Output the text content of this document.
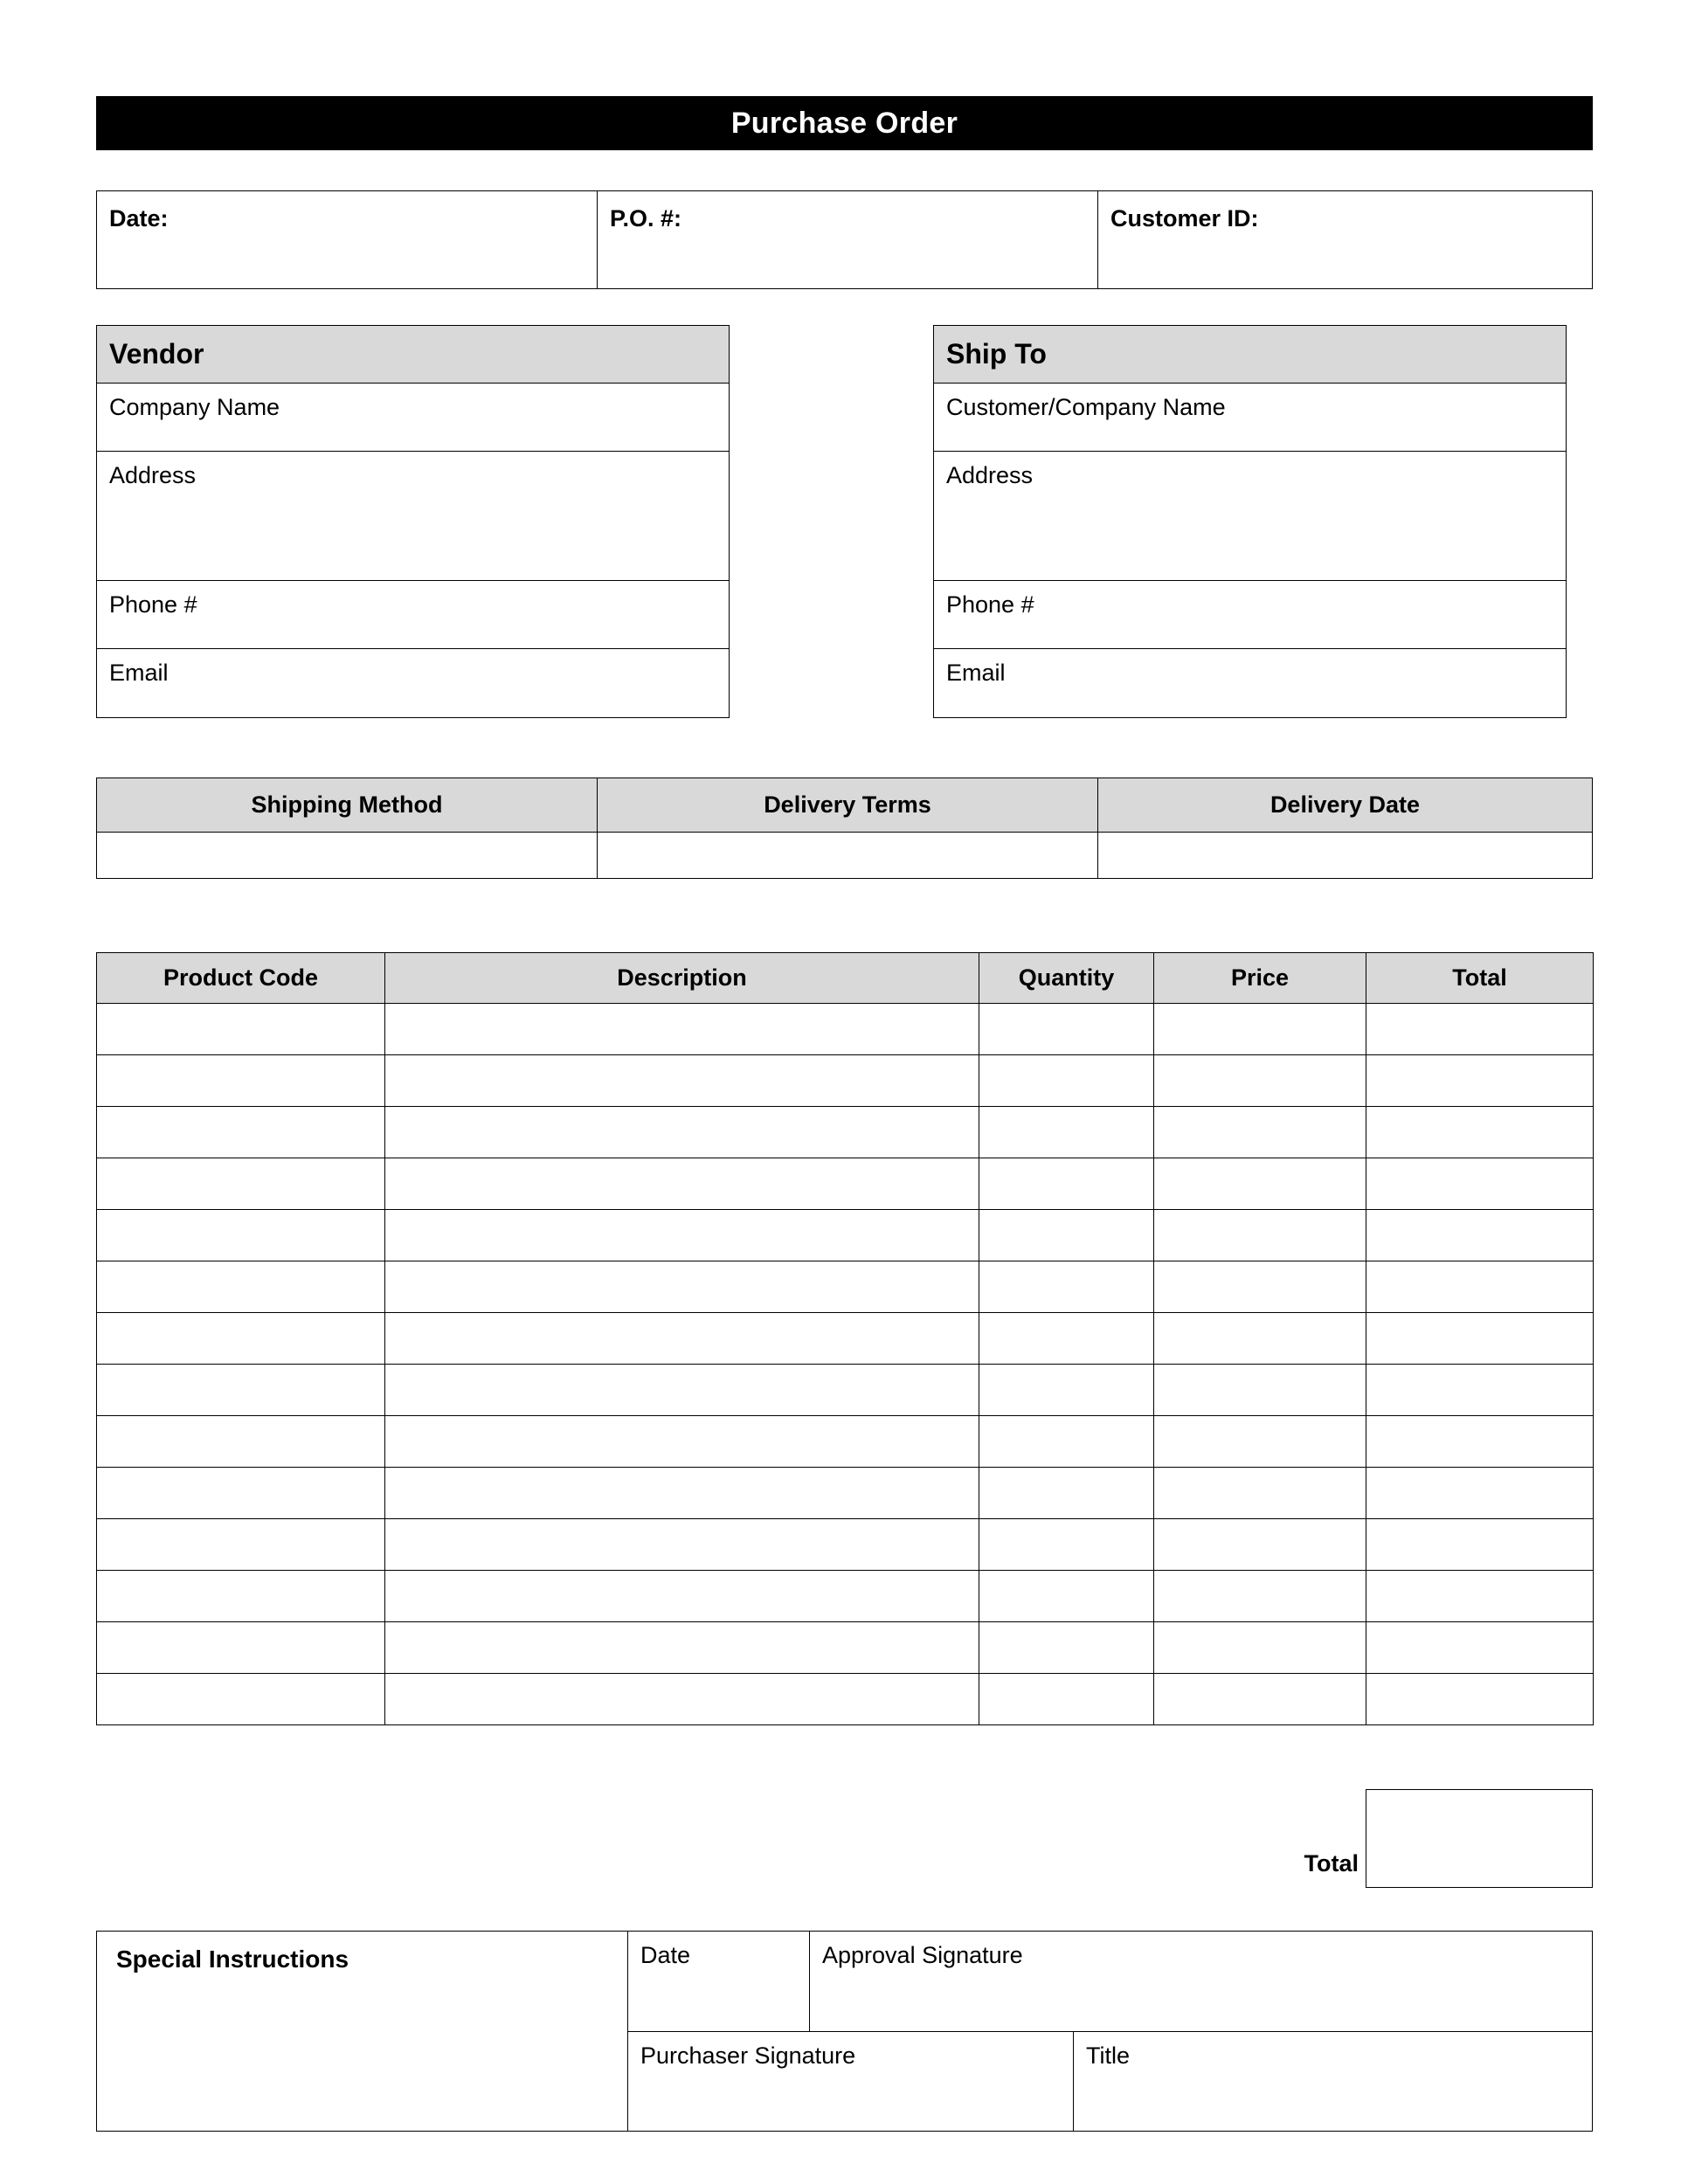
Purchase Order
Date:	P.O. #:	Customer ID:
Vendor
Company Name
Address
Phone #
Email
Ship To
Customer/Company Name
Address
Phone #
Email
Shipping Method	Delivery Terms	Delivery Date
Product Code	Description	Quantity	Price	Total

Total
Special Instructions	Date	Approval Signature
Purchaser Signature	Title
